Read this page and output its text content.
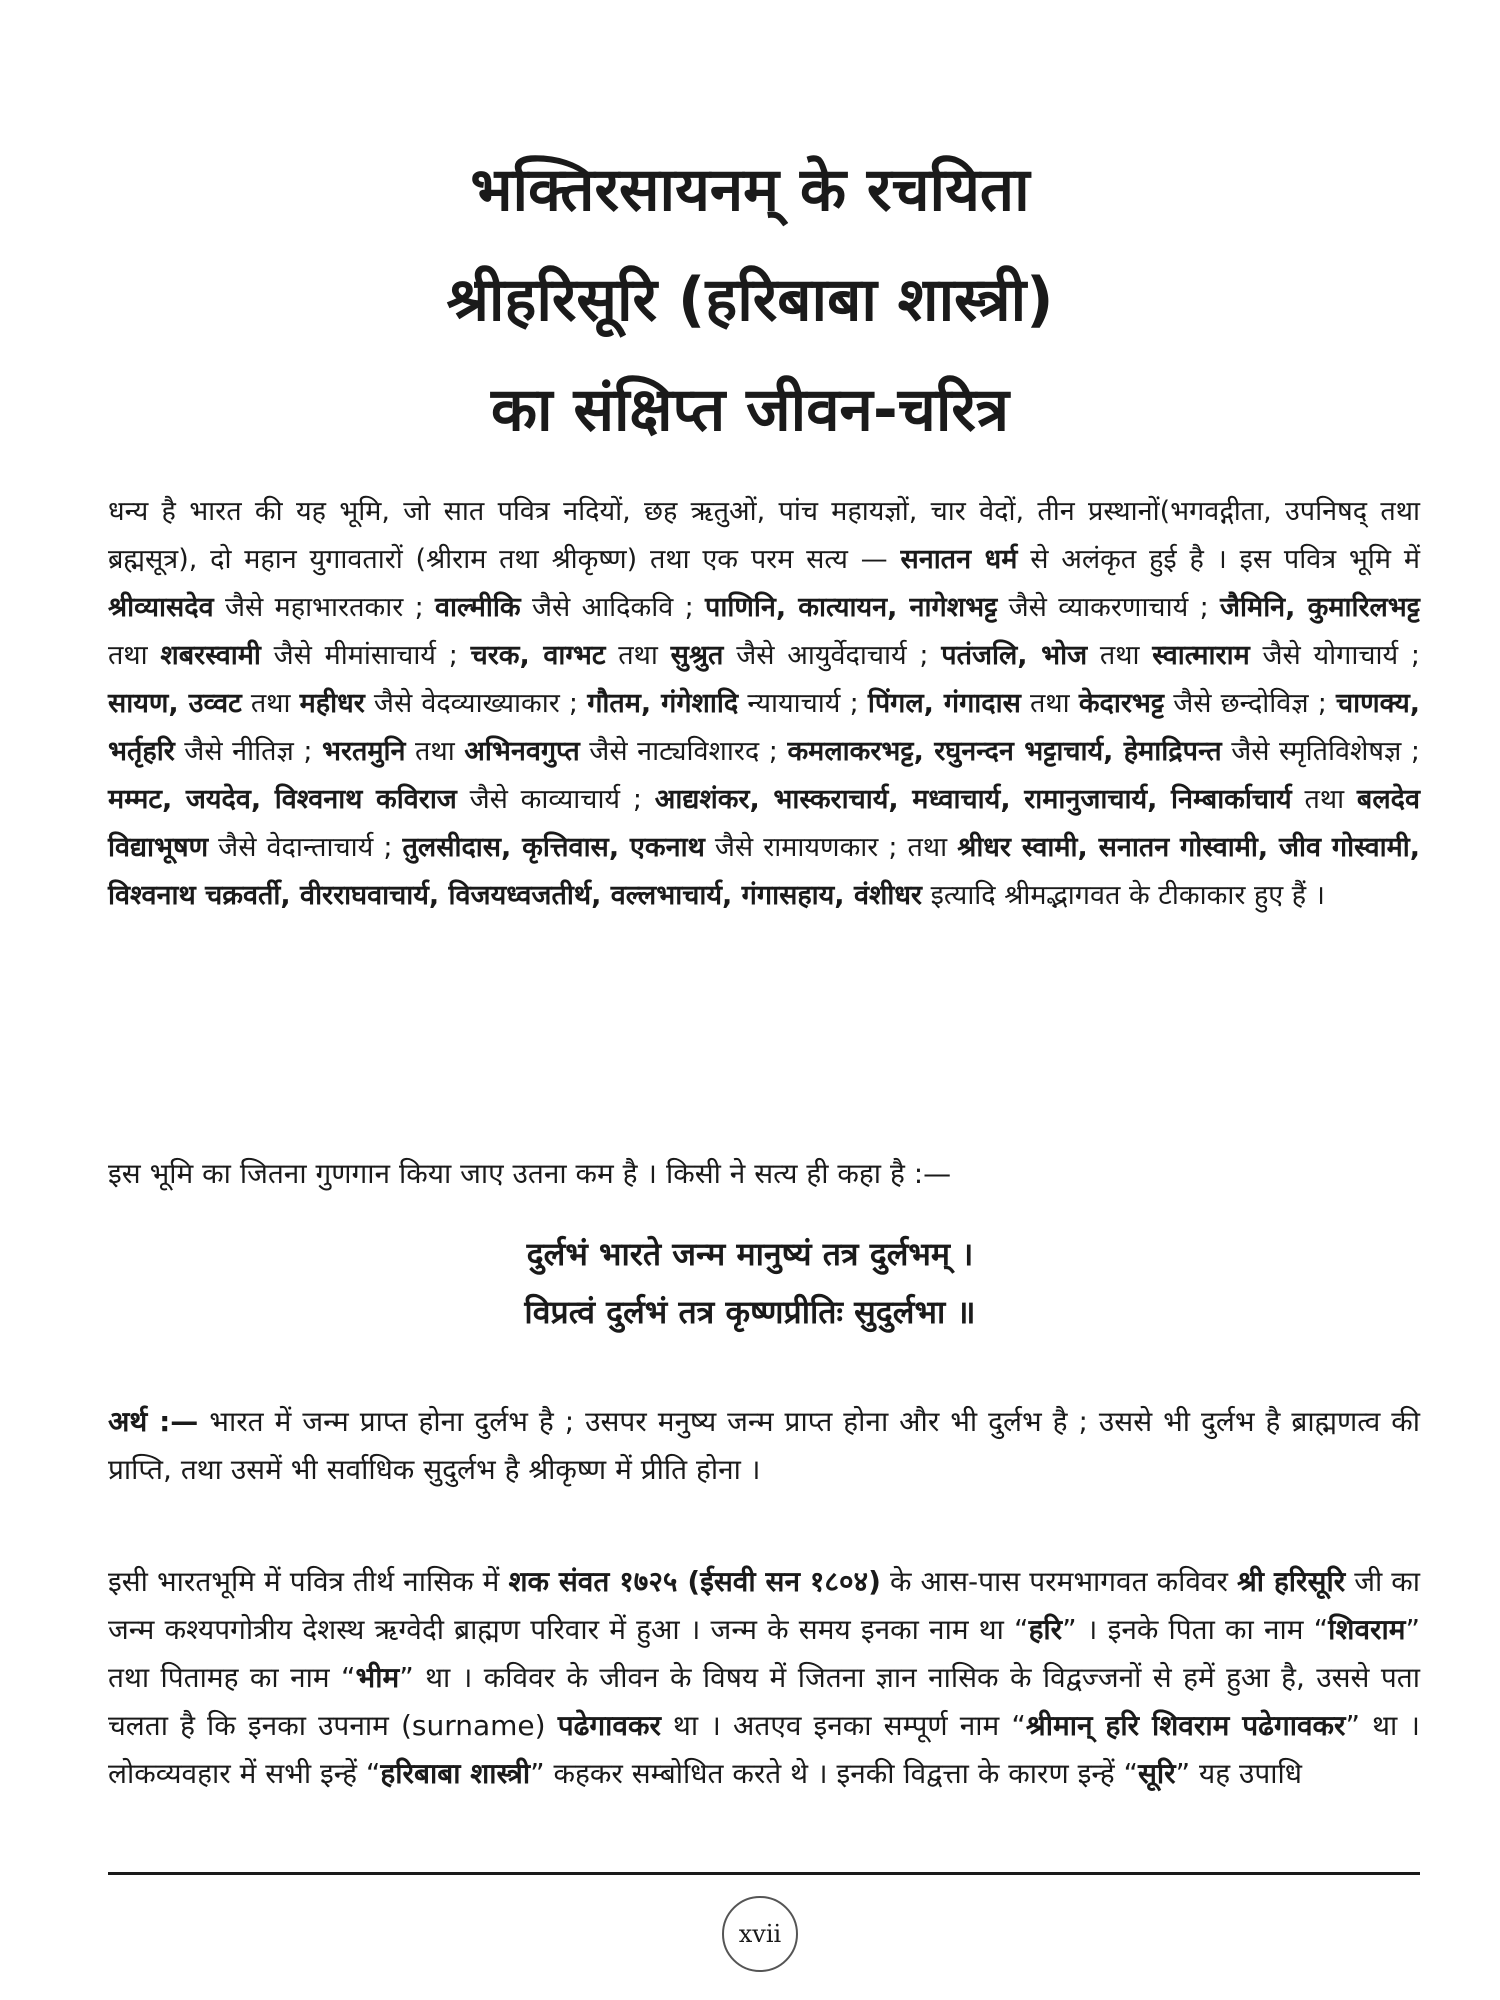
भक्तिरसायनम् के रचयिता
श्रीहरिसूरि (हरिबाबा शास्त्री)
का संक्षिप्त जीवन-चरित्र
धन्य है भारत की यह भूमि, जो सात पवित्र नदियों, छह ऋतुओं, पांच महायज्ञों, चार वेदों, तीन प्रस्थानों(भगवद्गीता, उपनिषद् तथा ब्रह्मसूत्र), दो महान युगावतारों (श्रीराम तथा श्रीकृष्ण) तथा एक परम सत्य — सनातन धर्म से अलंकृत हुई है । इस पवित्र भूमि में श्रीव्यासदेव जैसे महाभारतकार ; वाल्मीकि जैसे आदिकवि ; पाणिनि, कात्यायन, नागेशभट्ट जैसे व्याकरणाचार्य ; जैमिनि, कुमारिलभट्ट तथा शबरस्वामी जैसे मीमांसाचार्य ; चरक, वाग्भट तथा सुश्रुत जैसे आयुर्वेदाचार्य ; पतंजलि, भोज तथा स्वात्माराम जैसे योगाचार्य ; सायण, उव्वट तथा महीधर जैसे वेदव्याख्याकार ; गौतम, गंगेशादि न्यायाचार्य ; पिंगल, गंगादास तथा केदारभट्ट जैसे छन्दोविज्ञ ; चाणक्य, भर्तृहरि जैसे नीतिज्ञ ; भरतमुनि तथा अभिनवगुप्त जैसे नाट्यविशारद ; कमलाकरभट्ट, रघुनन्दन भट्टाचार्य, हेमाद्रिपन्त जैसे स्मृतिविशेषज्ञ ; मम्मट, जयदेव, विश्वनाथ कविराज जैसे काव्याचार्य ; आद्यशंकर, भास्कराचार्य, मध्वाचार्य, रामानुजाचार्य, निम्बार्काचार्य तथा बलदेव विद्याभूषण जैसे वेदान्ताचार्य ; तुलसीदास, कृत्तिवास, एकनाथ जैसे रामायणकार ; तथा श्रीधर स्वामी, सनातन गोस्वामी, जीव गोस्वामी, विश्वनाथ चक्रवर्ती, वीरराघवाचार्य, विजयध्वजतीर्थ, वल्लभाचार्य, गंगासहाय, वंशीधर इत्यादि श्रीमद्भागवत के टीकाकार हुए हैं ।
इस भूमि का जितना गुणगान किया जाए उतना कम है । किसी ने सत्य ही कहा है :—
दुर्लभं भारते जन्म मानुष्यं तत्र दुर्लभम् ।
विप्रत्वं दुर्लभं तत्र कृष्णप्रीतिः सुदुर्लभा ॥
अर्थ :— भारत में जन्म प्राप्त होना दुर्लभ है ; उसपर मनुष्य जन्म प्राप्त होना और भी दुर्लभ है ; उससे भी दुर्लभ है ब्राह्मणत्व की प्राप्ति, तथा उसमें भी सर्वाधिक सुदुर्लभ है श्रीकृष्ण में प्रीति होना ।
इसी भारतभूमि में पवित्र तीर्थ नासिक में शक संवत १७२५ (ईसवी सन १८०४) के आस-पास परमभागवत कविवर श्री हरिसूरि जी का जन्म कश्यपगोत्रीय देशस्थ ऋग्वेदी ब्राह्मण परिवार में हुआ । जन्म के समय इनका नाम था “हरि” । इनके पिता का नाम “शिवराम” तथा पितामह का नाम “भीम” था । कविवर के जीवन के विषय में जितना ज्ञान नासिक के विद्वज्जनों से हमें हुआ है, उससे पता चलता है कि इनका उपनाम (surname) पढेगावकर था । अतएव इनका सम्पूर्ण नाम “श्रीमान् हरि शिवराम पढेगावकर” था । लोकव्यवहार में सभी इन्हें “हरिबाबा शास्त्री” कहकर सम्बोधित करते थे । इनकी विद्वत्ता के कारण इन्हें “सूरि” यह उपाधि
xvii
